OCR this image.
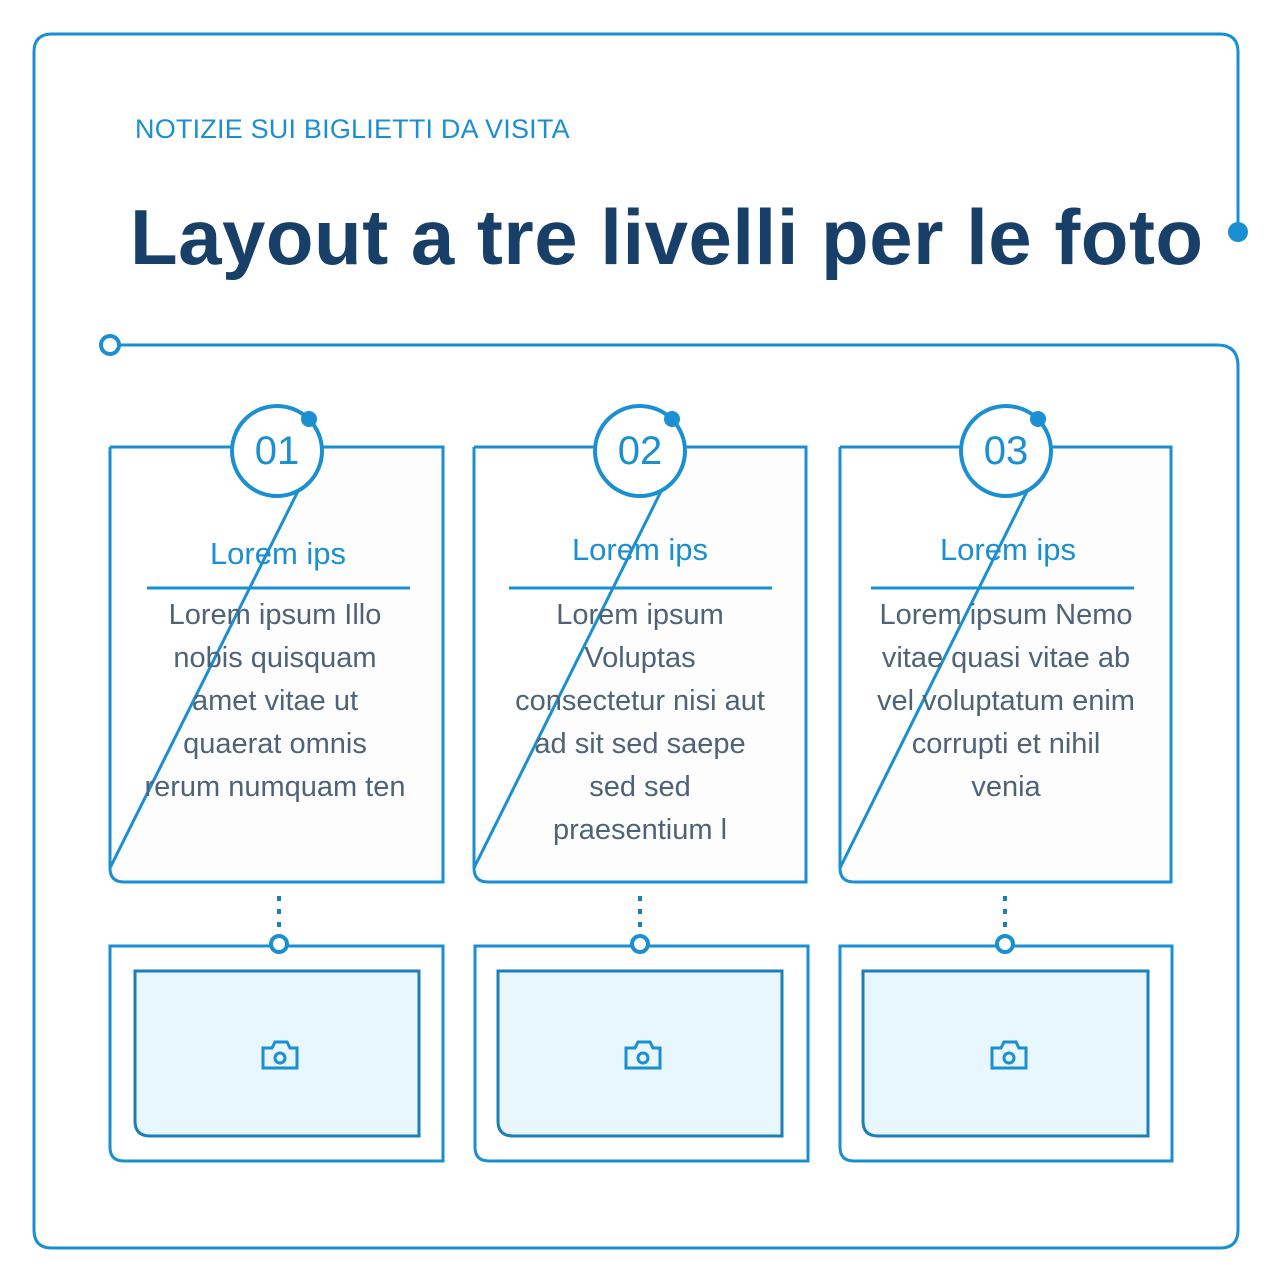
NOTIZIE SUI BIGLIETTI DA VISITA
Layout a tre livelli per le foto
01
Lorem ips
Lorem ipsum Illo nobis quisquam amet vitae ut quaerat omnis rerum numquam ten
02
Lorem ips
Lorem ipsum Voluptas consectetur nisi aut ad sit sed saepe sed sed praesentium l
03
Lorem ips
Lorem ipsum Nemo vitae quasi vitae ab vel voluptatum enim corrupti et nihil venia
